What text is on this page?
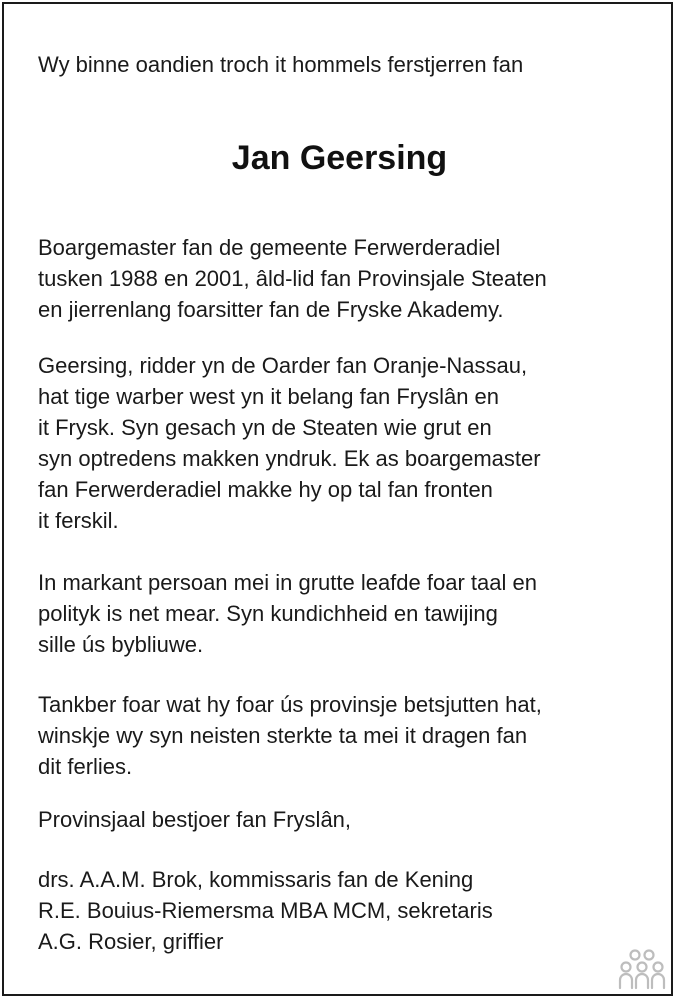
Wy binne oandien troch it hommels ferstjerren fan

Jan Geersing

Boargemaster fan de gemeente Ferwerderadiel
tusken 1988 en 2001, âld-lid fan Provinsjale Steaten
en jierrenlang foarsitter fan de Fryske Akademy.

Geersing, ridder yn de Oarder fan Oranje-Nassau,
hat tige warber west yn it belang fan Fryslân en
it Frysk. Syn gesach yn de Steaten wie grut en
syn optredens makken yndruk. Ek as boargemaster
fan Ferwerderadiel makke hy op tal fan fronten
it ferskil.

In markant persoan mei in grutte leafde foar taal en
polityk is net mear. Syn kundichheid en tawijing
sille ús bybliuwe.

Tankber foar wat hy foar ús provinsje betsjutten hat,
winskje wy syn neisten sterkte ta mei it dragen fan
dit ferlies.

Provinsjaal bestjoer fan Fryslân,

drs. A.A.M. Brok, kommissaris fan de Kening
R.E. Bouius-Riemersma MBA MCM, sekretaris
A.G. Rosier, griffier
